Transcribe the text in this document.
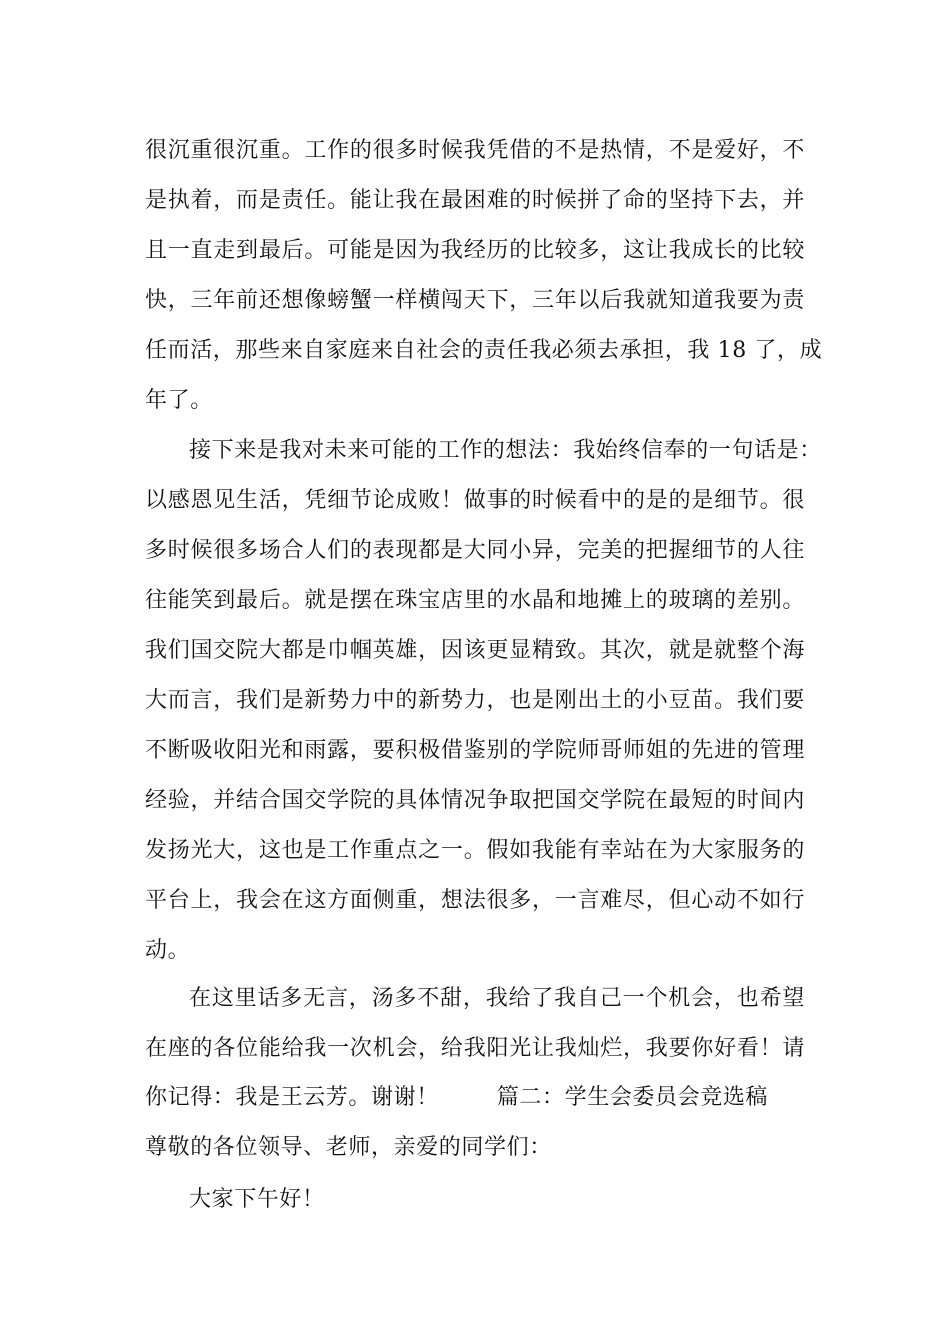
很沉重很沉重。工作的很多时候我凭借的不是热情，不是爱好，不
是执着，而是责任。能让我在最困难的时候拼了命的坚持下去，并
且一直走到最后。可能是因为我经历的比较多，这让我成长的比较
快，三年前还想像螃蟹一样横闯天下，三年以后我就知道我要为责
任而活，那些来自家庭来自社会的责任我必须去承担，我 18 了，成
年了。
接下来是我对未来可能的工作的想法：我始终信奉的一句话是：
以感恩见生活，凭细节论成败！做事的时候看中的是的是细节。很
多时候很多场合人们的表现都是大同小异，完美的把握细节的人往
往能笑到最后。就是摆在珠宝店里的水晶和地摊上的玻璃的差别。
我们国交院大都是巾帼英雄，因该更显精致。其次，就是就整个海
大而言，我们是新势力中的新势力，也是刚出土的小豆苗。我们要
不断吸收阳光和雨露，要积极借鉴别的学院师哥师姐的先进的管理
经验，并结合国交学院的具体情况争取把国交学院在最短的时间内
发扬光大，这也是工作重点之一。假如我能有幸站在为大家服务的
平台上，我会在这方面侧重，想法很多，一言难尽，但心动不如行
动。
在这里话多无言，汤多不甜，我给了我自己一个机会，也希望
在座的各位能给我一次机会，给我阳光让我灿烂，我要你好看！请
你记得：我是王云芳。谢谢！	篇二：学生会委员会竞选稿
尊敬的各位领导、老师，亲爱的同学们：
大家下午好！
